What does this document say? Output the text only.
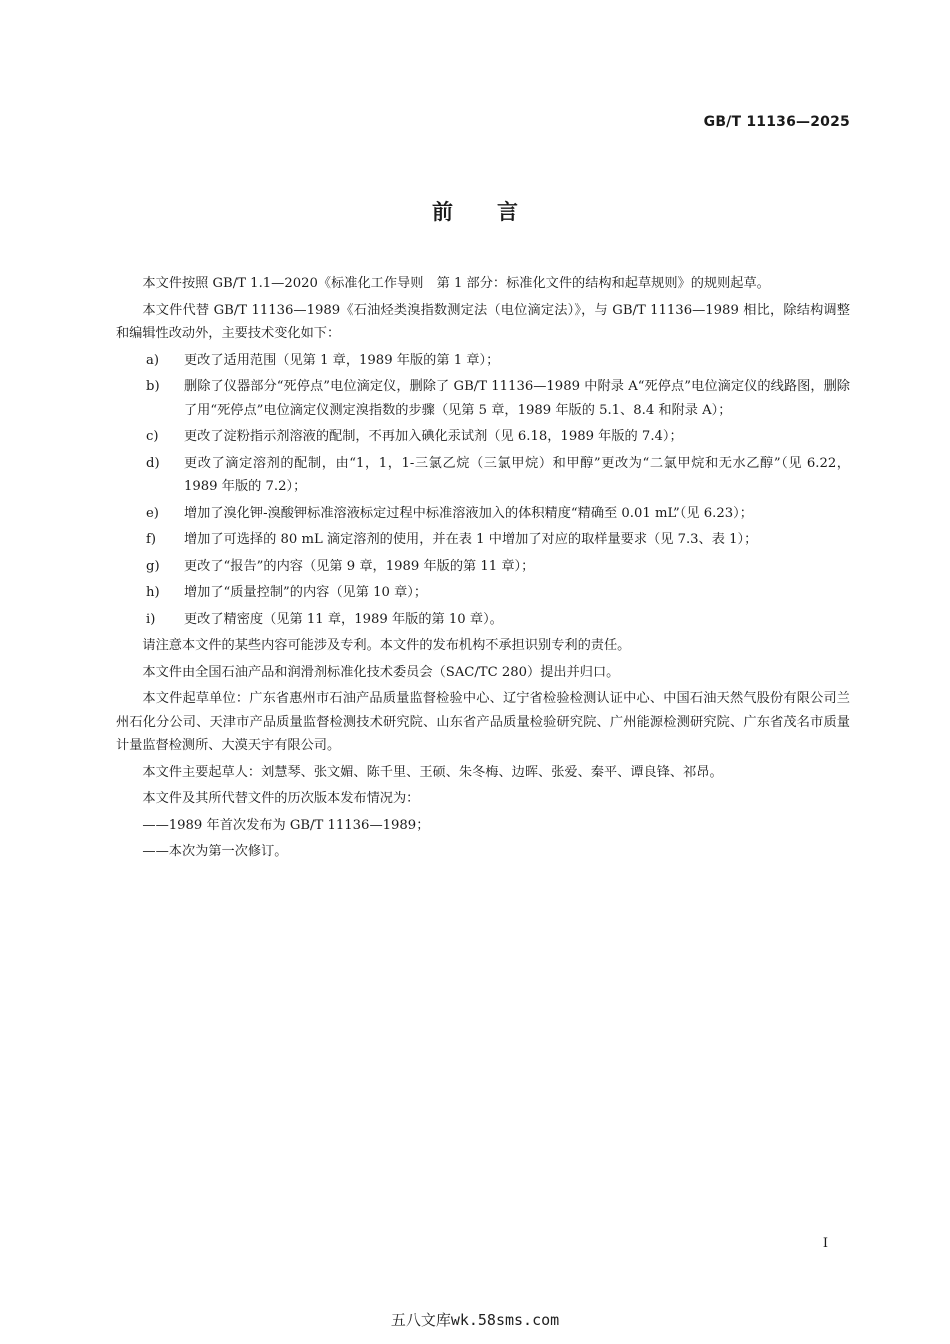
GB/T 11136—2025
前 言

本文件按照 GB/T 1.1—2020《标准化工作导则　第 1 部分：标准化文件的结构和起草规则》的规则起草。

本文件代替 GB/T 11136—1989《石油烃类溴指数测定法（电位滴定法）》，与 GB/T 11136—1989 相比，除结构调整和编辑性改动外，主要技术变化如下：

a)	更改了适用范围（见第 1 章，1989 年版的第 1 章）；
b)	删除了仪器部分“死停点”电位滴定仪，删除了 GB/T 11136—1989 中附录 A“死停点”电位滴定仪的线路图，删除了用“死停点”电位滴定仪测定溴指数的步骤（见第 5 章，1989 年版的 5.1、8.4 和附录 A）；
c)	更改了淀粉指示剂溶液的配制，不再加入碘化汞试剂（见 6.18，1989 年版的 7.4）；
d)	更改了滴定溶剂的配制，由“1，1，1-三氯乙烷（三氯甲烷）和甲醇”更改为“二氯甲烷和无水乙醇”（见 6.22，1989 年版的 7.2）；
e)	增加了溴化钾-溴酸钾标准溶液标定过程中标准溶液加入的体积精度“精确至 0.01 mL”（见 6.23）；
f)	增加了可选择的 80 mL 滴定溶剂的使用，并在表 1 中增加了对应的取样量要求（见 7.3、表 1）；
g)	更改了“报告”的内容（见第 9 章，1989 年版的第 11 章）；
h)	增加了“质量控制”的内容（见第 10 章）；
i)	更改了精密度（见第 11 章，1989 年版的第 10 章）。

请注意本文件的某些内容可能涉及专利。本文件的发布机构不承担识别专利的责任。

本文件由全国石油产品和润滑剂标准化技术委员会（SAC/TC 280）提出并归口。

本文件起草单位：广东省惠州市石油产品质量监督检验中心、辽宁省检验检测认证中心、中国石油天然气股份有限公司兰州石化分公司、天津市产品质量监督检测技术研究院、山东省产品质量检验研究院、广州能源检测研究院、广东省茂名市质量计量监督检测所、大漠天宇有限公司。

本文件主要起草人：刘慧琴、张文媚、陈千里、王硕、朱冬梅、边晖、张爱、秦平、谭良锋、祁昂。

本文件及其所代替文件的历次版本发布情况为：

——1989 年首次发布为 GB/T 11136—1989；
——本次为第一次修订。
I
五八文库wk.58sms.com
